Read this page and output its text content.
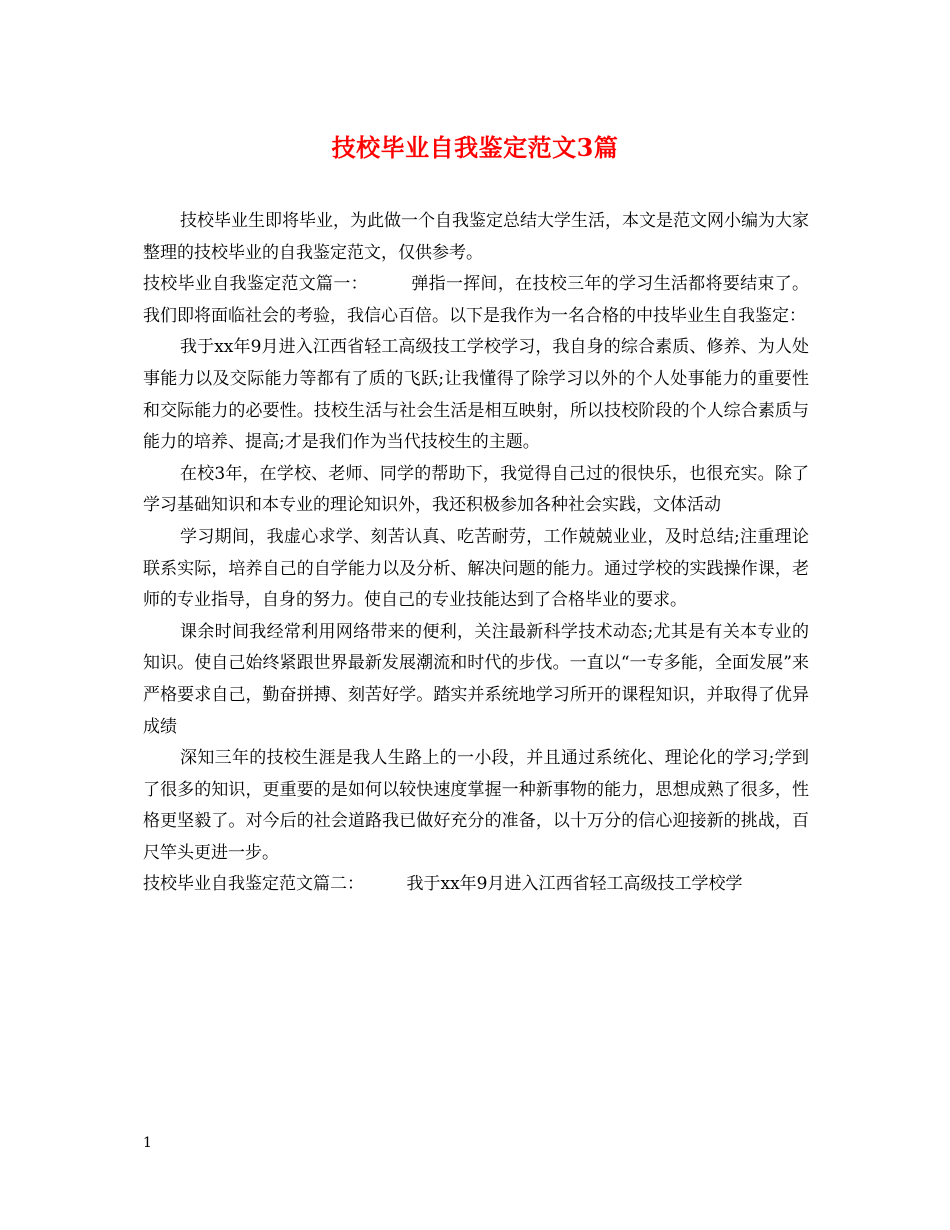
技校毕业自我鉴定范文3篇

技校毕业生即将毕业，为此做一个自我鉴定总结大学生活，本文是范文网小编为大家整理的技校毕业的自我鉴定范文，仅供参考。

技校毕业自我鉴定范文篇一：　　　弹指一挥间，在技校三年的学习生活都将要结束了。我们即将面临社会的考验，我信心百倍。以下是我作为一名合格的中技毕业生自我鉴定：

我于xx年9月进入江西省轻工高级技工学校学习，我自身的综合素质、修养、为人处事能力以及交际能力等都有了质的飞跃;让我懂得了除学习以外的个人处事能力的重要性和交际能力的必要性。技校生活与社会生活是相互映射，所以技校阶段的个人综合素质与能力的培养、提高;才是我们作为当代技校生的主题。

在校3年，在学校、老师、同学的帮助下，我觉得自己过的很快乐，也很充实。除了学习基础知识和本专业的理论知识外，我还积极参加各种社会实践，文体活动

学习期间，我虚心求学、刻苦认真、吃苦耐劳，工作兢兢业业，及时总结;注重理论联系实际，培养自己的自学能力以及分析、解决问题的能力。通过学校的实践操作课，老师的专业指导，自身的努力。使自己的专业技能达到了合格毕业的要求。

课余时间我经常利用网络带来的便利，关注最新科学技术动态;尤其是有关本专业的知识。使自己始终紧跟世界最新发展潮流和时代的步伐。一直以“一专多能，全面发展”来严格要求自己，勤奋拼搏、刻苦好学。踏实并系统地学习所开的课程知识，并取得了优异成绩

深知三年的技校生涯是我人生路上的一小段，并且通过系统化、理论化的学习;学到了很多的知识，更重要的是如何以较快速度掌握一种新事物的能力，思想成熟了很多，性格更坚毅了。对今后的社会道路我已做好充分的准备，以十万分的信心迎接新的挑战，百尺竿头更进一步。

技校毕业自我鉴定范文篇二：　　　我于xx年9月进入江西省轻工高级技工学校学

1
